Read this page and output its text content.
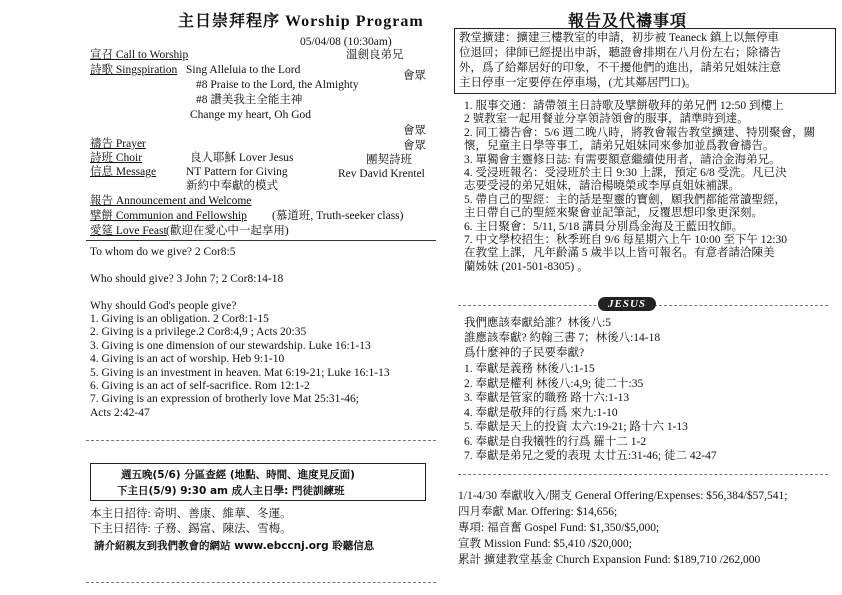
主日崇拜程序 Worship Program
05/04/08 (10:30am)
宣召 Call to Worship	溫劍良弟兄
詩歌 Singspiration Sing Alleluia to the Lord	會眾
#8 Praise to the Lord, the Almighty
#8 讚美我主全能主神
Change my heart, Oh God
會眾
禱告 Prayer	會眾
詩班 Choir	良人耶穌 Lover Jesus	團契詩班
信息 Message	NT Pattern for Giving	Rev David Krentel
新約中奉獻的模式
報告 Announcement and Welcome
擘餅 Communion and Fellowship (慕道班, Truth-seeker class)
愛筵 Love Feast (歡迎在愛心中一起享用)
To whom do we give? 2 Cor8:5
Who should give? 3 John 7; 2 Cor8:14-18
Why should God's people give?
1. Giving is an obligation. 2 Cor8:1-15
2. Giving is a privilege.2 Cor8:4,9 ; Acts 20:35
3. Giving is one dimension of our stewardship. Luke 16:1-13
4. Giving is an act of worship. Heb 9:1-10
5. Giving is an investment in heaven. Mat 6:19-21; Luke 16:1-13
6. Giving is an act of self-sacrifice. Rom 12:1-2
7. Giving is an expression of brotherly love Mat 25:31-46;
Acts 2:42-47
週五晚(5/6) 分區查經 (地點、時間、進度見反面)
下主日(5/9) 9:30 am 成人主日學: 門徒訓練班
本主日招待: 奇明、善康、維華、冬運。
下主日招待: 子務、錫富、陳法、雪梅。
請介紹親友到我們教會的網站 www.ebccnj.org 聆聽信息
報告及代禱事項
教堂擴建：擴建三樓教室的申請，初步被 Teaneck 鎮上以無停車
位退回；律師已經提出申訴，聽證會排期在八月份左右；除禱告
外，爲了給鄰居好的印象，不干擾他們的進出，請弟兄姐妹注意
主日停車一定要停在停車場，(尤其鄰居門口)。
1. 服事交通：請帶領主日詩歌及擘餅敬拜的弟兄們 12:50 到樓上
2 號教室一起用餐並分享領詩領會的服事，請準時到達。
2. 同工禱告會：5/6 週二晚八時，將教會報告教堂擴建、特別聚會，關
懷，兒童主日學等事工，請弟兄姐妹同來參加並爲教會禱告。
3. 單獨會主靈修日誌: 有需要額意繼續使用者，請洽金海弟兄。
4. 受浸班報名：受浸班於主日 9:30 上課，預定 6/8 受洗。凡已決
志要受浸的弟兄姐妹，請洽楊曉榮或李厚貞姐妹補課。
5. 帶自己的聖經：主的話是聖靈的寶劍，願我們都能常讀聖經，
主日帶自己的聖經來聚會並記筆記，反覆思想印象更深刻。
6. 主日聚會：5/11, 5/18 講員分別爲金海及王藍田牧師。
7. 中文學校招生：秋季班自 9/6 每星期六上午 10:00 至下午 12:30
在教堂上課，凡年齡滿 5 歲半以上皆可報名。有意者請洽陳美
蘭姊妹 (201-501-8305) 。
JESUS
我們應該奉獻給誰？林後八:5
誰應該奉獻? 約翰三書 7；林後八:14-18
爲什麼神的子民要奉獻?
1. 奉獻是義務 林後八:1-15
2. 奉獻是權利 林後八:4,9; 徒二十:35
3. 奉獻是管家的職務 路十六:1-13
4. 奉獻是敬拜的行爲 來九:1-10
5. 奉獻是天上的投資 太六:19-21; 路十六 1-13
6. 奉獻是自我犧牲的行爲 羅十二 1-2
7. 奉獻是弟兄之愛的表現 太廿五:31-46; 徒二 42-47
1/1-4/30 奉獻收入/開支 General Offering/Expenses: $56,384/$57,541;
四月奉獻 Mar. Offering: $14,656;
專項: 福音奮 Gospel Fund: $1,350/$5,000;
宣教 Mission Fund: $5,410 /$20,000;
累計 擴建教堂基金 Church Expansion Fund: $189,710 /262,000
